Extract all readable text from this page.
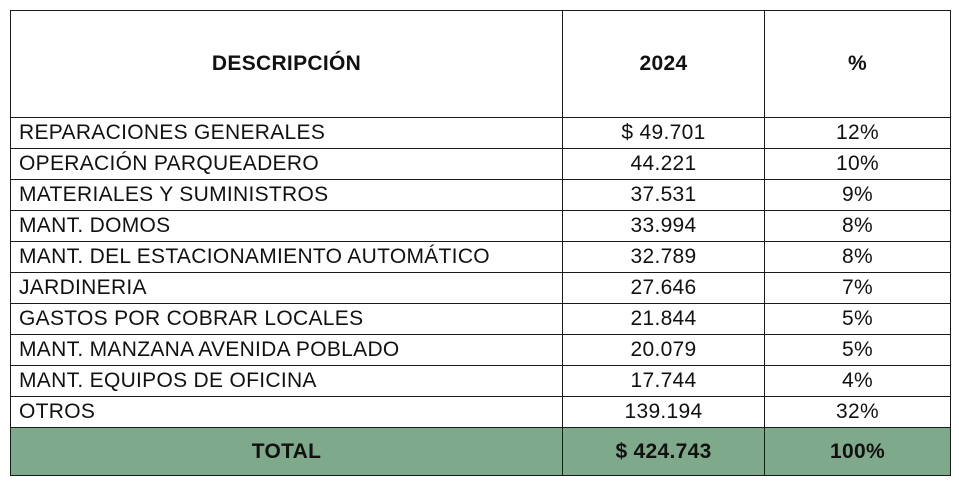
DESCRIPCIÓN	2024	%
REPARACIONES GENERALES	$ 49.701	12%
OPERACIÓN PARQUEADERO	44.221	10%
MATERIALES Y SUMINISTROS	37.531	9%
MANT. DOMOS	33.994	8%
MANT. DEL ESTACIONAMIENTO AUTOMÁTICO	32.789	8%
JARDINERIA	27.646	7%
GASTOS POR COBRAR LOCALES	21.844	5%
MANT. MANZANA AVENIDA POBLADO	20.079	5%
MANT. EQUIPOS DE OFICINA	17.744	4%
OTROS	139.194	32%
TOTAL	$ 424.743	100%
